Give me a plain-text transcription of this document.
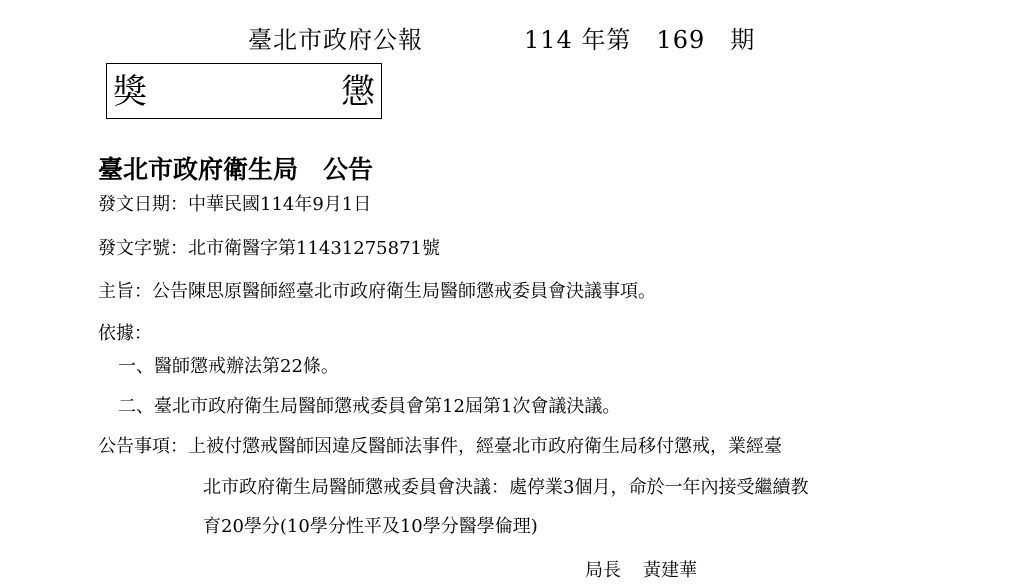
臺北市政府公報	114 年第　169　期
獎	懲
臺北市政府衛生局　公告
發文日期：中華民國114年9月1日
發文字號：北市衛醫字第11431275871號
主旨：公告陳思原醫師經臺北市政府衛生局醫師懲戒委員會決議事項。
依據：
一、醫師懲戒辦法第22條。
二、臺北市政府衛生局醫師懲戒委員會第12屆第1次會議決議。
公告事項：上被付懲戒醫師因違反醫師法事件，經臺北市政府衛生局移付懲戒，業經臺
北市政府衛生局醫師懲戒委員會決議：處停業3個月，命於一年內接受繼續教
育20學分(10學分性平及10學分醫學倫理)
局長 黃建華
